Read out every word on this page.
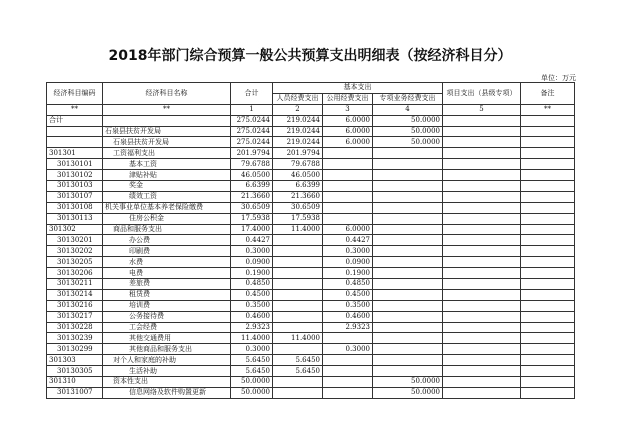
2018年部门综合预算一般公共预算支出明细表（按经济科目分）
单位：万元
经济科目编码	经济科目名称	合计	基本支出			项目支出（县级专项）	备注
			人员经费支出	公用经费支出	专项业务经费支出		
**	**	1	2	3	4	5	**
合计		275.0244	219.0244	6.0000	50.0000		
	石泉县扶贫开发局	275.0244	219.0244	6.0000	50.0000		
	石泉县扶贫开发局	275.0244	219.0244	6.0000	50.0000		
301301	工资福利支出	201.9794	201.9794				
30130101	基本工资	79.6788	79.6788				
30130102	津贴补贴	46.0500	46.0500				
30130103	奖金	6.6399	6.6399				
30130107	绩效工资	21.3660	21.3660				
30130108	机关事业单位基本养老保险缴费	30.6509	30.6509				
30130113	住房公积金	17.5938	17.5938				
301302	商品和服务支出	17.4000	11.4000	6.0000			
30130201	办公费	0.4427		0.4427			
30130202	印刷费	0.3000		0.3000			
30130205	水费	0.0900		0.0900			
30130206	电费	0.1900		0.1900			
30130211	差旅费	0.4850		0.4850			
30130214	租赁费	0.4500		0.4500			
30130216	培训费	0.3500		0.3500			
30130217	公务接待费	0.4600		0.4600			
30130228	工会经费	2.9323		2.9323			
30130239	其他交通费用	11.4000	11.4000				
30130299	其他商品和服务支出	0.3000		0.3000			
301303	对个人和家庭的补助	5.6450	5.6450				
30130305	生活补助	5.6450	5.6450				
301310	资本性支出	50.0000			50.0000		
30131007	信息网络及软件购置更新	50.0000			50.0000		
